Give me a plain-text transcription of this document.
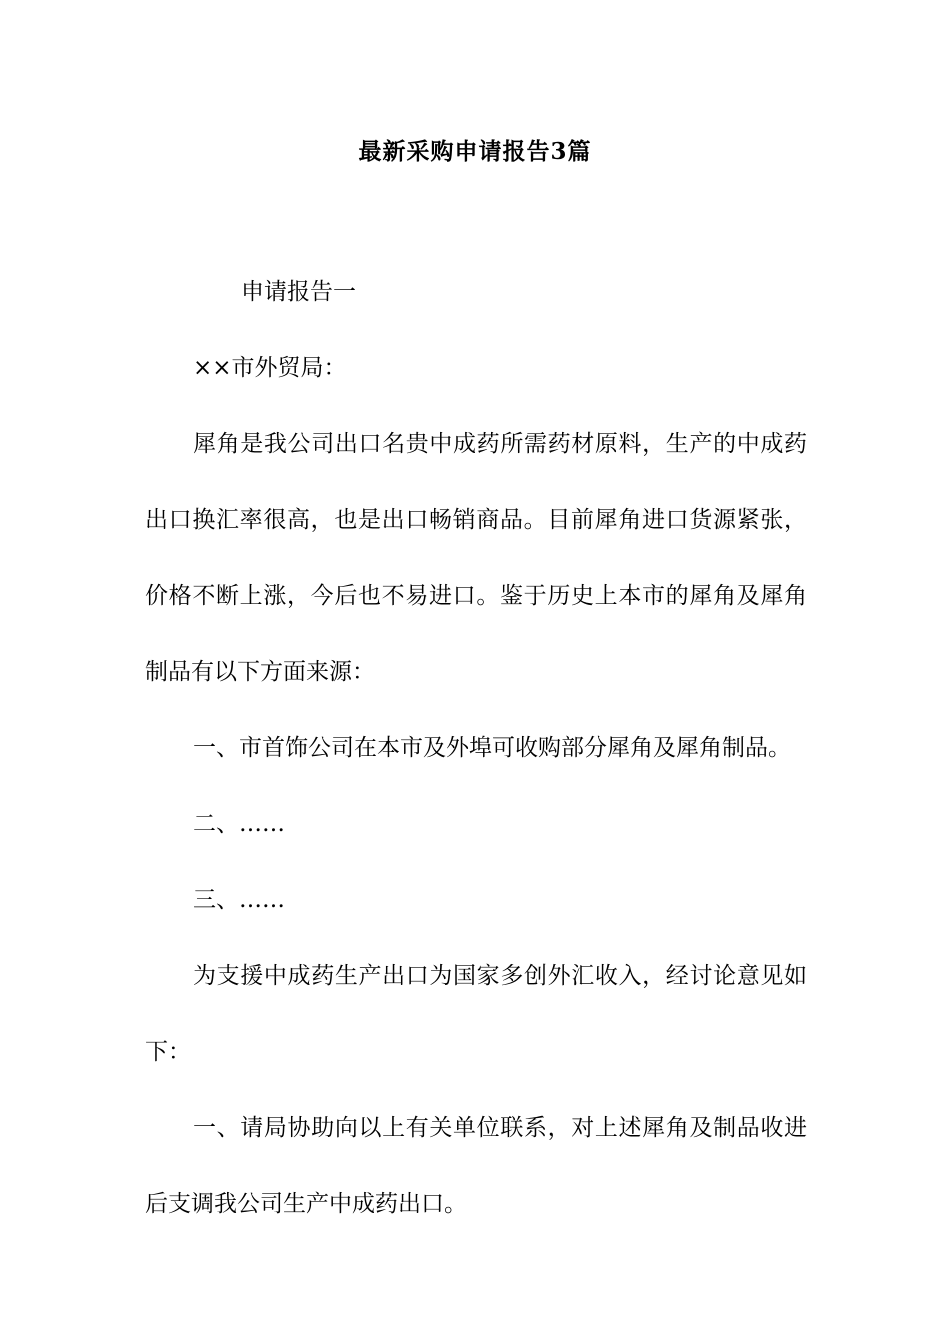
最新采购申请报告3篇

申请报告一

××市外贸局：

犀角是我公司出口名贵中成药所需药材原料，生产的中成药出口换汇率很高，也是出口畅销商品。目前犀角进口货源紧张，价格不断上涨，今后也不易进口。鉴于历史上本市的犀角及犀角制品有以下方面来源：

一、市首饰公司在本市及外埠可收购部分犀角及犀角制品。

二、……

三、……

为支援中成药生产出口为国家多创外汇收入，经讨论意见如下：

一、请局协助向以上有关单位联系，对上述犀角及制品收进后支调我公司生产中成药出口。
